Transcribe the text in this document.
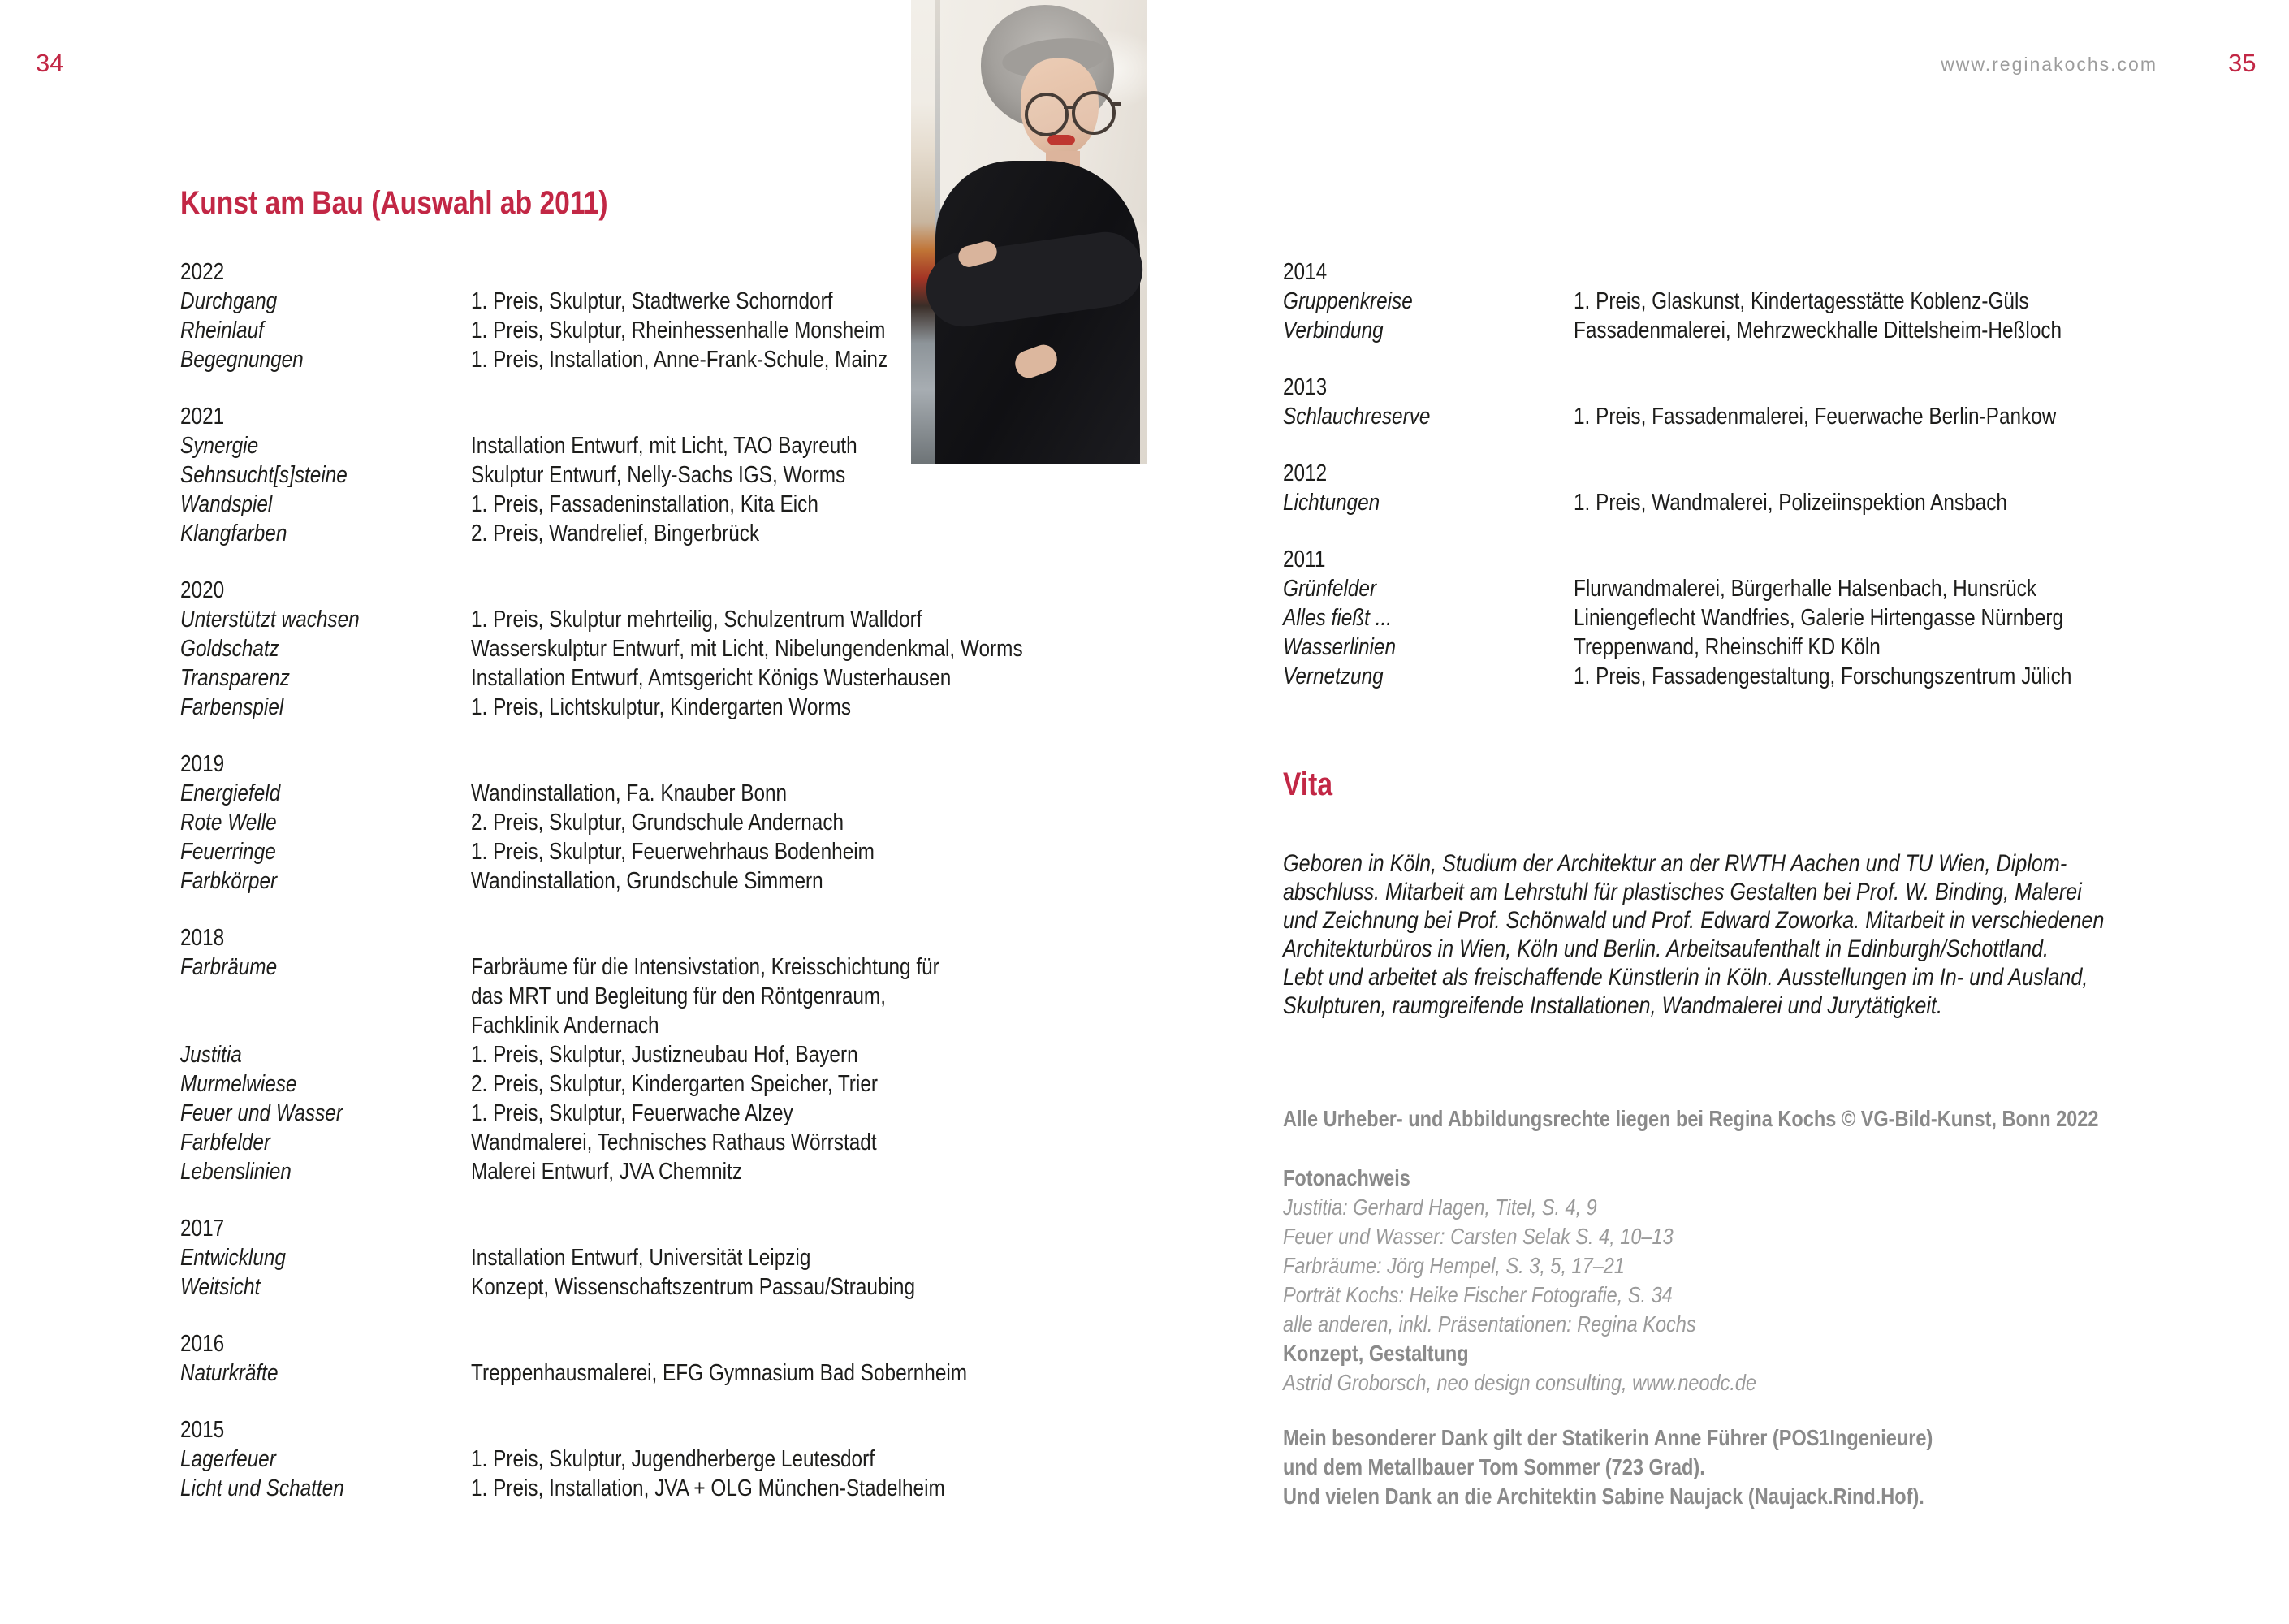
34	www.reginakochs.com	35
Kunst am Bau (Auswahl ab 2011)
2022
Durchgang	1. Preis, Skulptur, Stadtwerke Schorndorf
Rheinlauf	1. Preis, Skulptur, Rheinhessenhalle Monsheim
Begegnungen	1. Preis, Installation, Anne-Frank-Schule, Mainz
2021
Synergie	Installation Entwurf, mit Licht, TAO Bayreuth
Sehnsucht[s]steine	Skulptur Entwurf, Nelly-Sachs IGS, Worms
Wandspiel	1. Preis, Fassadeninstallation, Kita Eich
Klangfarben	2. Preis, Wandrelief, Bingerbrück
2020
Unterstützt wachsen	1. Preis, Skulptur mehrteilig, Schulzentrum Walldorf
Goldschatz	Wasserskulptur Entwurf, mit Licht, Nibelungendenkmal, Worms
Transparenz	Installation Entwurf, Amtsgericht Königs Wusterhausen
Farbenspiel	1. Preis, Lichtskulptur, Kindergarten Worms
2019
Energiefeld	Wandinstallation, Fa. Knauber Bonn
Rote Welle	2. Preis, Skulptur, Grundschule Andernach
Feuerringe	1. Preis, Skulptur, Feuerwehrhaus Bodenheim
Farbkörper	Wandinstallation, Grundschule Simmern
2018
Farbräume	Farbräume für die Intensivstation, Kreisschichtung für
das MRT und Begleitung für den Röntgenraum,
Fachklinik Andernach
Justitia	1. Preis, Skulptur, Justizneubau Hof, Bayern
Murmelwiese	2. Preis, Skulptur, Kindergarten Speicher, Trier
Feuer und Wasser	1. Preis, Skulptur, Feuerwache Alzey
Farbfelder	Wandmalerei, Technisches Rathaus Wörrstadt
Lebenslinien	Malerei Entwurf, JVA Chemnitz
2017
Entwicklung	Installation Entwurf, Universität Leipzig
Weitsicht	Konzept, Wissenschaftszentrum Passau/Straubing
2016
Naturkräfte	Treppenhausmalerei, EFG Gymnasium Bad Sobernheim
2015
Lagerfeuer	1. Preis, Skulptur, Jugendherberge Leutesdorf
Licht und Schatten	1. Preis, Installation, JVA + OLG München-Stadelheim
2014
Gruppenkreise	1. Preis, Glaskunst, Kindertagesstätte Koblenz-Güls
Verbindung	Fassadenmalerei, Mehrzweckhalle Dittelsheim-Heßloch
2013
Schlauchreserve	1. Preis, Fassadenmalerei, Feuerwache Berlin-Pankow
2012
Lichtungen	1. Preis, Wandmalerei, Polizeiinspektion Ansbach
2011
Grünfelder	Flurwandmalerei, Bürgerhalle Halsenbach, Hunsrück
Alles fießt ...	Liniengeflecht Wandfries, Galerie Hirtengasse Nürnberg
Wasserlinien	Treppenwand, Rheinschiff KD Köln
Vernetzung	1. Preis, Fassadengestaltung, Forschungszentrum Jülich
Vita
Geboren in Köln, Studium der Architektur an der RWTH Aachen und TU Wien, Diplom-
abschluss. Mitarbeit am Lehrstuhl für plastisches Gestalten bei Prof. W. Binding, Malerei
und Zeichnung bei Prof. Schönwald und Prof. Edward Zoworka. Mitarbeit in verschiedenen
Architekturbüros in Wien, Köln und Berlin. Arbeitsaufenthalt in Edinburgh/Schottland.
Lebt und arbeitet als freischaffende Künstlerin in Köln. Ausstellungen im In- und Ausland,
Skulpturen, raumgreifende Installationen, Wandmalerei und Jurytätigkeit.
Alle Urheber- und Abbildungsrechte liegen bei Regina Kochs © VG-Bild-Kunst, Bonn 2022
Fotonachweis
Justitia: Gerhard Hagen, Titel, S. 4, 9
Feuer und Wasser: Carsten Selak S. 4, 10–13
Farbräume: Jörg Hempel, S. 3, 5, 17–21
Porträt Kochs: Heike Fischer Fotografie, S. 34
alle anderen, inkl. Präsentationen: Regina Kochs
Konzept, Gestaltung
Astrid Groborsch, neo design consulting, www.neodc.de
Mein besonderer Dank gilt der Statikerin Anne Führer (POS1Ingenieure)
und dem Metallbauer Tom Sommer (723 Grad).
Und vielen Dank an die Architektin Sabine Naujack (Naujack.Rind.Hof).
